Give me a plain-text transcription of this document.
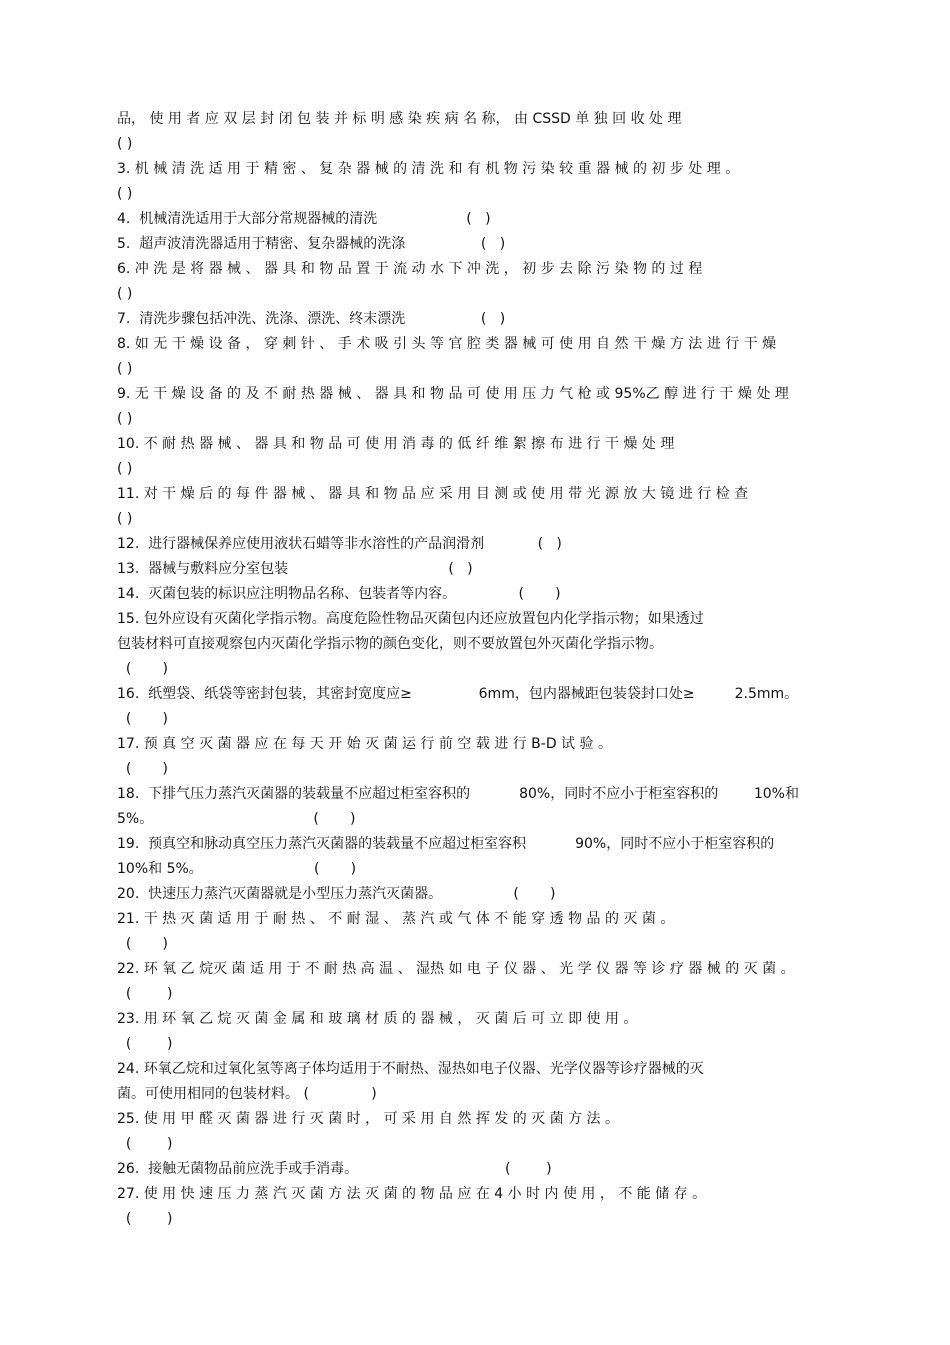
品， 使 用 者 应 双 层 封 闭 包 装 并 标 明 感 染 疾 病 名 称， 由 CSSD 单 独 回 收 处 理
( )
3. 机 械 清 洗 适 用 于 精 密 、 复 杂 器 械 的 清 洗 和 有 机 物 污 染 较 重 器 械 的 初 步 处 理 。
( )
4.  机械清洗适用于大部分常规器械的清洗                    (   )
5.  超声波清洗器适用于精密、复杂器械的洗涤                 (   )
6. 冲 洗 是 将 器 械 、 器 具 和 物 品 置 于 流 动 水 下 冲 洗 ， 初 步 去 除 污 染 物 的 过 程
( )
7.  清洗步骤包括冲洗、洗涤、漂洗、终末漂洗                 (   )
8. 如 无 干 燥 设 备 ， 穿 刺 针 、 手 术 吸 引 头 等 官 腔 类 器 械 可 使 用 自 然 干 燥 方 法 进 行 干 燥
( )
9. 无 干 燥 设 备 的 及 不 耐 热 器 械 、 器 具 和 物 品 可 使 用 压 力 气 枪 或 95%乙 醇 进 行 干 燥 处 理
( )
10. 不 耐 热 器 械 、 器 具 和 物 品 可 使 用 消 毒 的 低 纤 维 絮 擦 布 进 行 干 燥 处 理
( )
11. 对 干 燥 后 的 每 件 器 械 、 器 具 和 物 品 应 采 用 目 测 或 使 用 带 光 源 放 大 镜 进 行 检 查
( )
12.  进行器械保养应使用液状石蜡等非水溶性的产品润滑剂            (   )
13.  器械与敷料应分室包装                                    (   )
14.  灭菌包装的标识应注明物品名称、包装者等内容。              (       )
15. 包外应设有灭菌化学指示物。高度危险性物品灭菌包内还应放置包内化学指示物；如果透过
包装材料可直接观察包内灭菌化学指示物的颜色变化，则不要放置包外灭菌化学指示物。
(       )
16.  纸塑袋、纸袋等密封包装，其密封宽度应≥               6mm，包内器械距包装袋封口处≥         2.5mm。
(       )
17. 预 真 空 灭 菌 器 应 在 每 天 开 始 灭 菌 运 行 前 空 载 进 行 B-D 试 验 。
(       )
18.  下排气压力蒸汽灭菌器的装载量不应超过柜室容积的           80%，同时不应小于柜室容积的        10%和
5%。                                    (       )
19.  预真空和脉动真空压力蒸汽灭菌器的装载量不应超过柜室容积           90%，同时不应小于柜室容积的
10%和 5%。                         (       )
20.  快速压力蒸汽灭菌器就是小型压力蒸汽灭菌器。                (       )
21. 干 热 灭 菌 适 用 于 耐 热 、 不 耐 湿 、 蒸 汽 或 气 体 不 能 穿 透 物 品 的 灭 菌 。
(       )
22. 环 氧 乙 烷灭 菌 适 用 于 不 耐 热 高 温 、 湿热 如 电 子 仪 器 、 光 学 仪 器 等 诊 疗 器 械 的 灭 菌 。
(        )
23. 用 环 氧 乙 烷 灭 菌 金 属 和 玻 璃 材 质 的 器 械 ， 灭 菌 后 可 立 即 使 用 。
(        )
24. 环氧乙烷和过氧化氢等离子体均适用于不耐热、湿热如电子仪器、光学仪器等诊疗器械的灭
菌。可使用相同的包装材料。 (              )
25. 使 用 甲 醛 灭 菌 器 进 行 灭 菌 时 ， 可 采 用 自 然 挥 发 的 灭 菌 方 法 。
(        )
26.  接触无菌物品前应洗手或手消毒。                                 (        )
27. 使 用 快 速 压 力 蒸 汽 灭 菌 方 法 灭 菌 的 物 品 应 在 4 小 时 内 使 用 ， 不 能 储 存 。
(        )
